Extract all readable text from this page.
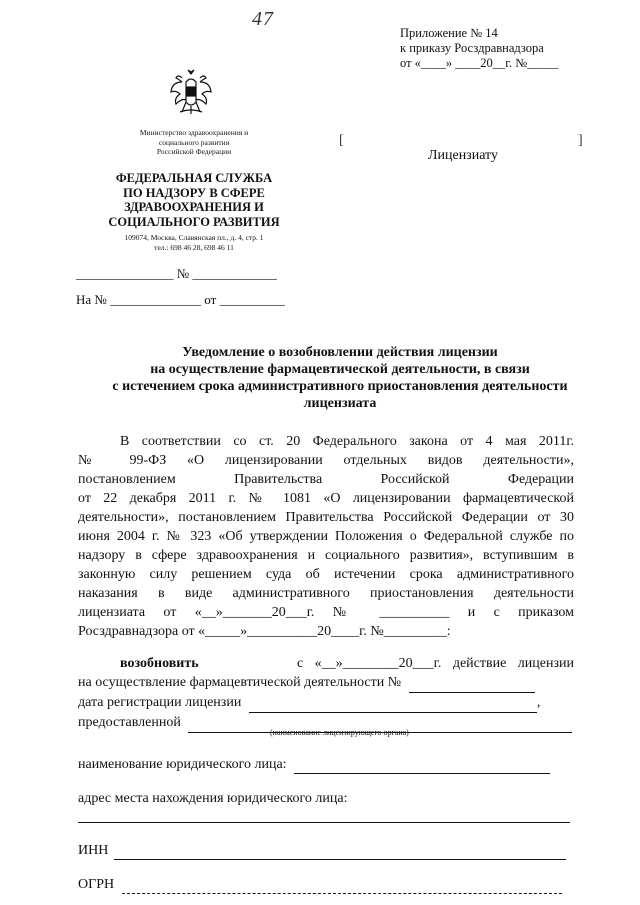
47
Приложение № 14
к приказу Росздравнадзора
от «____» ____20__г. №_____
Министерство здравоохранения и
социального развития
Российской Федерации
ФЕДЕРАЛЬНАЯ СЛУЖБА
ПО НАДЗОРУ В СФЕРЕ
ЗДРАВООХРАНЕНИЯ И
СОЦИАЛЬНОГО РАЗВИТИЯ
109074, Москва, Славянская пл., д. 4, стр. 1
тел.: 698 46 28, 698 46 11
[	]
Лицензиату
_______________ № _____________
На № ______________ от __________
Уведомление о возобновлении действия лицензии
на осуществление фармацевтической деятельности, в связи
с истечением срока административного приостановления деятельности
лицензиата
В соответствии со ст. 20 Федерального закона от 4 мая 2011г.
№ 99-ФЗ «О лицензировании отдельных видов деятельности»,
постановлением Правительства Российской Федерации
от 22 декабря 2011 г. № 1081 «О лицензировании фармацевтической
деятельности», постановлением Правительства Российской Федерации от 30
июня 2004 г. № 323 «Об утверждении Положения о Федеральной службе по
надзору в сфере здравоохранения и социального развития», вступившим в
законную силу решением суда об истечении срока административного
наказания в виде административного приостановления деятельности
лицензиата от «__»_______20___г. № __________ и с приказом
Росздравнадзора от «_____»__________20____г. №_________:
возобновить	с «__»________20___г. действие лицензии
на осуществление фармацевтической деятельности №
дата регистрации лицензии	,
предоставленной
(наименование лицензирующего органа)
наименование юридического лица:
адрес места нахождения юридического лица:
ИНН
ОГРН
